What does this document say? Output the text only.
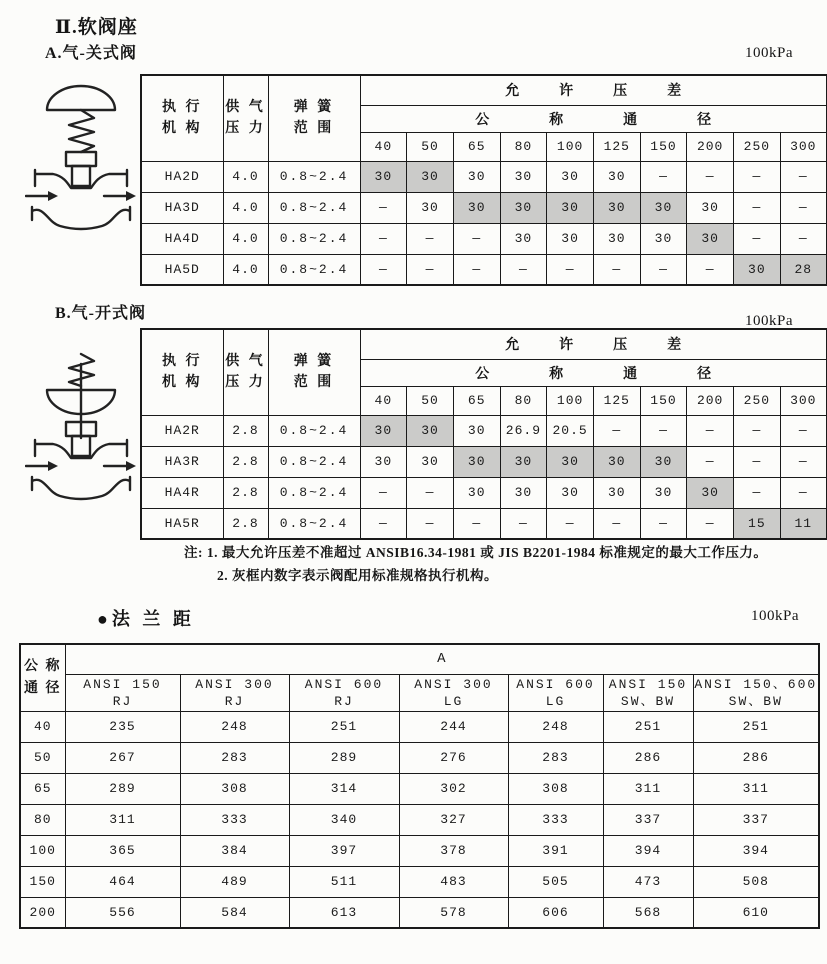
Ⅱ.软阀座
A.气-关式阀	100kPa
执 行
机 构

供 气
压 力

弹 簧
范 围
	允许压差
			公称通径									
			40	50	65	80	100	125	150	200	250	300
HA2D	4.0	0.8~2.4	30	30	30	30	30	30	—	—	—	—
HA3D	4.0	0.8~2.4	—	30	30	30	30	30	30	30	—	—
HA4D	4.0	0.8~2.4	—	—	—	30	30	30	30	30	—	—
HA5D	4.0	0.8~2.4	—	—	—	—	—	—	—	—	30	28
B.气-开式阀	100kPa
执 行
机 构

供 气
压 力

弹 簧
范 围
	允许压差
			公称通径									
			40	50	65	80	100	125	150	200	250	300
HA2R	2.8	0.8~2.4	30	30	30	26.9	20.5	—	—	—	—	—
HA3R	2.8	0.8~2.4	30	30	30	30	30	30	30	—	—	—
HA4R	2.8	0.8~2.4	—	—	30	30	30	30	30	30	—	—
HA5R	2.8	0.8~2.4	—	—	—	—	—	—	—	—	15	11
注: 1. 最大允许压差不准超过 ANSIB16.34-1981 或 JIS B2201-1984 标准规定的最大工作压力。
2. 灰框内数字表示阀配用标准规格执行机构。
●法 兰 距	100kPa
公 称
通 径	A						

ANSI 150
RJ

ANSI 300
RJ

ANSI 600
RJ

ANSI 300
LG

ANSI 600
LG

ANSI 150
SW、BW

ANSI 150、600
SW、BW

40	235	248	251	244	248	251	251
50	267	283	289	276	283	286	286
65	289	308	314	302	308	311	311
80	311	333	340	327	333	337	337
100	365	384	397	378	391	394	394
150	464	489	511	483	505	473	508
200	556	584	613	578	606	568	610
